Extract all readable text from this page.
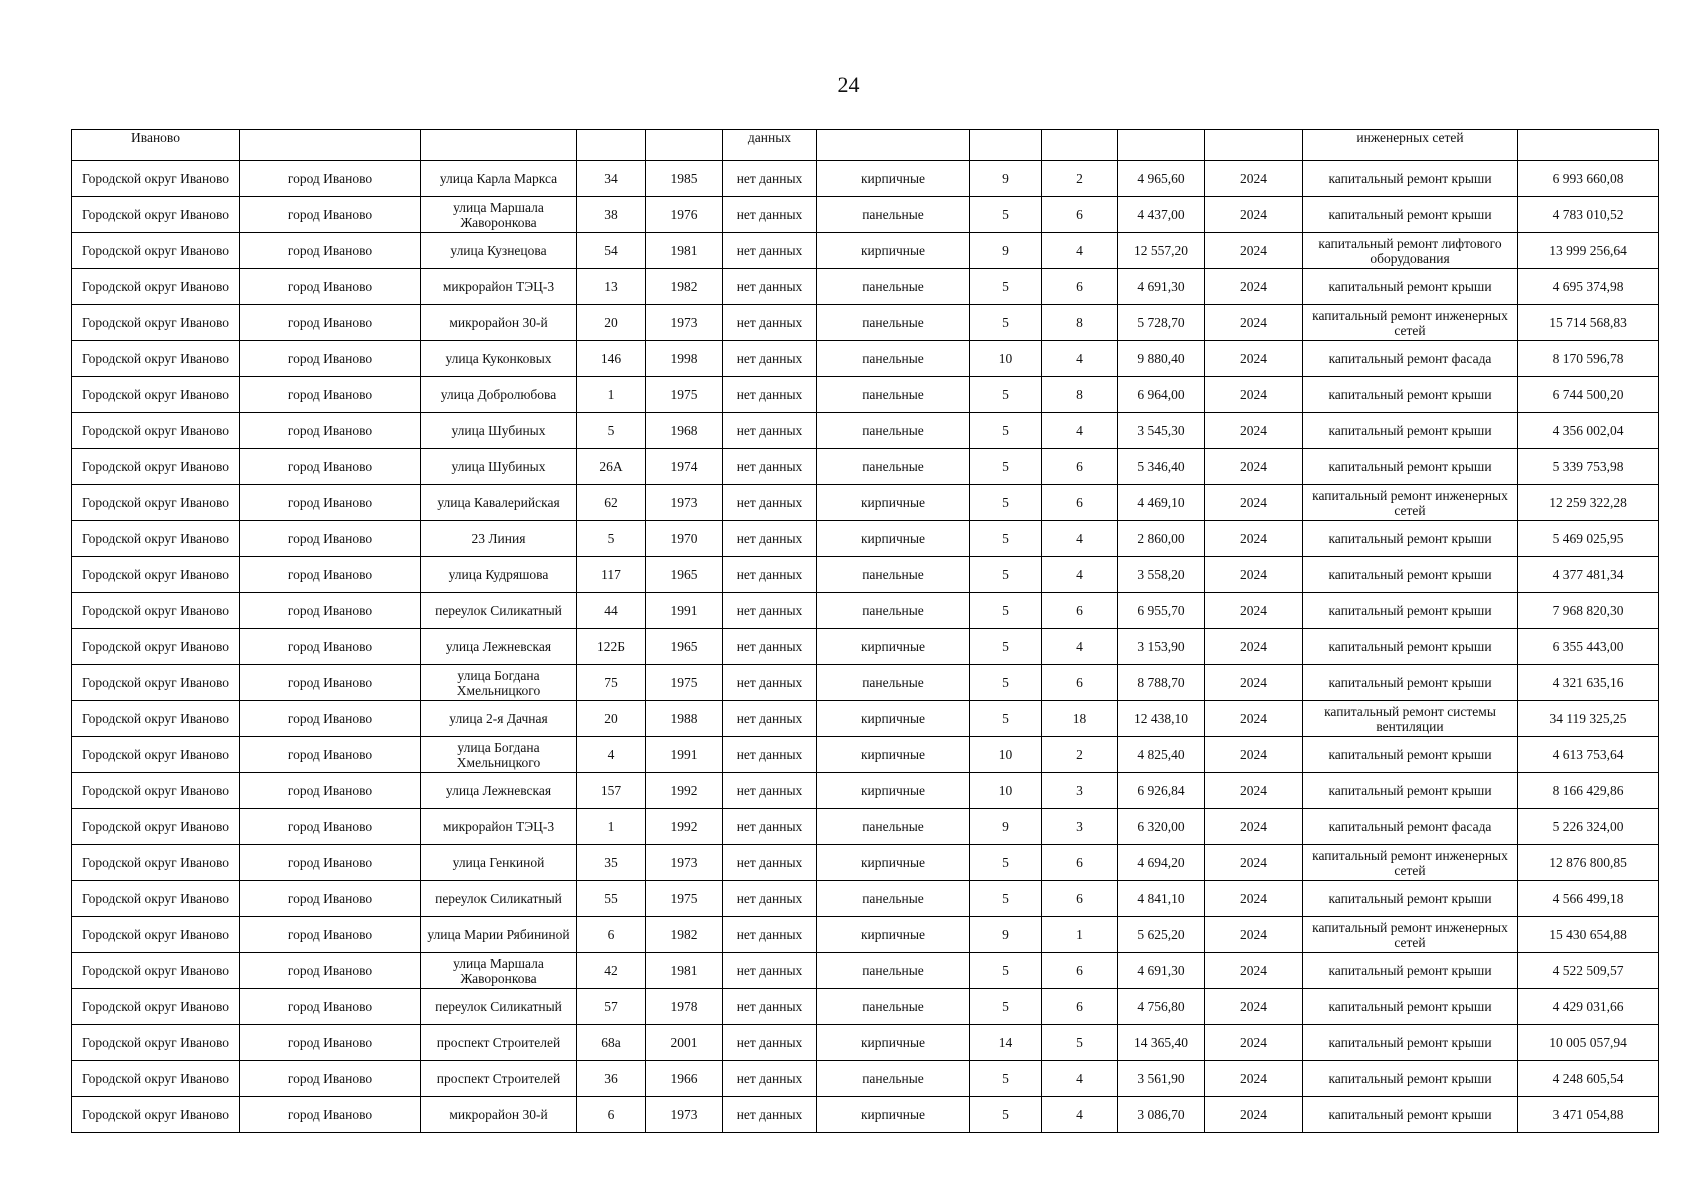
24
Иваново					данных						инженерных сетей	
Городской округ Иваново	город Иваново	улица Карла Маркса	34	1985	нет данных	кирпичные	9	2	4 965,60	2024	капитальный ремонт крыши	6 993 660,08
Городской округ Иваново	город Иваново	улица Маршала Жаворонкова	38	1976	нет данных	панельные	5	6	4 437,00	2024	капитальный ремонт крыши	4 783 010,52
Городской округ Иваново	город Иваново	улица Кузнецова	54	1981	нет данных	кирпичные	9	4	12 557,20	2024	капитальный ремонт лифтового оборудования	13 999 256,64
Городской округ Иваново	город Иваново	микрорайон ТЭЦ-3	13	1982	нет данных	панельные	5	6	4 691,30	2024	капитальный ремонт крыши	4 695 374,98
Городской округ Иваново	город Иваново	микрорайон 30-й	20	1973	нет данных	панельные	5	8	5 728,70	2024	капитальный ремонт инженерных сетей	15 714 568,83
Городской округ Иваново	город Иваново	улица Куконковых	146	1998	нет данных	панельные	10	4	9 880,40	2024	капитальный ремонт фасада	8 170 596,78
Городской округ Иваново	город Иваново	улица Добролюбова	1	1975	нет данных	панельные	5	8	6 964,00	2024	капитальный ремонт крыши	6 744 500,20
Городской округ Иваново	город Иваново	улица Шубиных	5	1968	нет данных	панельные	5	4	3 545,30	2024	капитальный ремонт крыши	4 356 002,04
Городской округ Иваново	город Иваново	улица Шубиных	26А	1974	нет данных	панельные	5	6	5 346,40	2024	капитальный ремонт крыши	5 339 753,98
Городской округ Иваново	город Иваново	улица Кавалерийская	62	1973	нет данных	кирпичные	5	6	4 469,10	2024	капитальный ремонт инженерных сетей	12 259 322,28
Городской округ Иваново	город Иваново	23 Линия	5	1970	нет данных	кирпичные	5	4	2 860,00	2024	капитальный ремонт крыши	5 469 025,95
Городской округ Иваново	город Иваново	улица Кудряшова	117	1965	нет данных	панельные	5	4	3 558,20	2024	капитальный ремонт крыши	4 377 481,34
Городской округ Иваново	город Иваново	переулок Силикатный	44	1991	нет данных	панельные	5	6	6 955,70	2024	капитальный ремонт крыши	7 968 820,30
Городской округ Иваново	город Иваново	улица Лежневская	122Б	1965	нет данных	кирпичные	5	4	3 153,90	2024	капитальный ремонт крыши	6 355 443,00
Городской округ Иваново	город Иваново	улица Богдана Хмельницкого	75	1975	нет данных	панельные	5	6	8 788,70	2024	капитальный ремонт крыши	4 321 635,16
Городской округ Иваново	город Иваново	улица 2-я Дачная	20	1988	нет данных	кирпичные	5	18	12 438,10	2024	капитальный ремонт системы вентиляции	34 119 325,25
Городской округ Иваново	город Иваново	улица Богдана Хмельницкого	4	1991	нет данных	кирпичные	10	2	4 825,40	2024	капитальный ремонт крыши	4 613 753,64
Городской округ Иваново	город Иваново	улица Лежневская	157	1992	нет данных	кирпичные	10	3	6 926,84	2024	капитальный ремонт крыши	8 166 429,86
Городской округ Иваново	город Иваново	микрорайон ТЭЦ-3	1	1992	нет данных	панельные	9	3	6 320,00	2024	капитальный ремонт фасада	5 226 324,00
Городской округ Иваново	город Иваново	улица Генкиной	35	1973	нет данных	кирпичные	5	6	4 694,20	2024	капитальный ремонт инженерных сетей	12 876 800,85
Городской округ Иваново	город Иваново	переулок Силикатный	55	1975	нет данных	панельные	5	6	4 841,10	2024	капитальный ремонт крыши	4 566 499,18
Городской округ Иваново	город Иваново	улица Марии Рябининой	6	1982	нет данных	кирпичные	9	1	5 625,20	2024	капитальный ремонт инженерных сетей	15 430 654,88
Городской округ Иваново	город Иваново	улица Маршала Жаворонкова	42	1981	нет данных	панельные	5	6	4 691,30	2024	капитальный ремонт крыши	4 522 509,57
Городской округ Иваново	город Иваново	переулок Силикатный	57	1978	нет данных	панельные	5	6	4 756,80	2024	капитальный ремонт крыши	4 429 031,66
Городской округ Иваново	город Иваново	проспект Строителей	68а	2001	нет данных	кирпичные	14	5	14 365,40	2024	капитальный ремонт крыши	10 005 057,94
Городской округ Иваново	город Иваново	проспект Строителей	36	1966	нет данных	панельные	5	4	3 561,90	2024	капитальный ремонт крыши	4 248 605,54
Городской округ Иваново	город Иваново	микрорайон 30-й	6	1973	нет данных	кирпичные	5	4	3 086,70	2024	капитальный ремонт крыши	3 471 054,88
